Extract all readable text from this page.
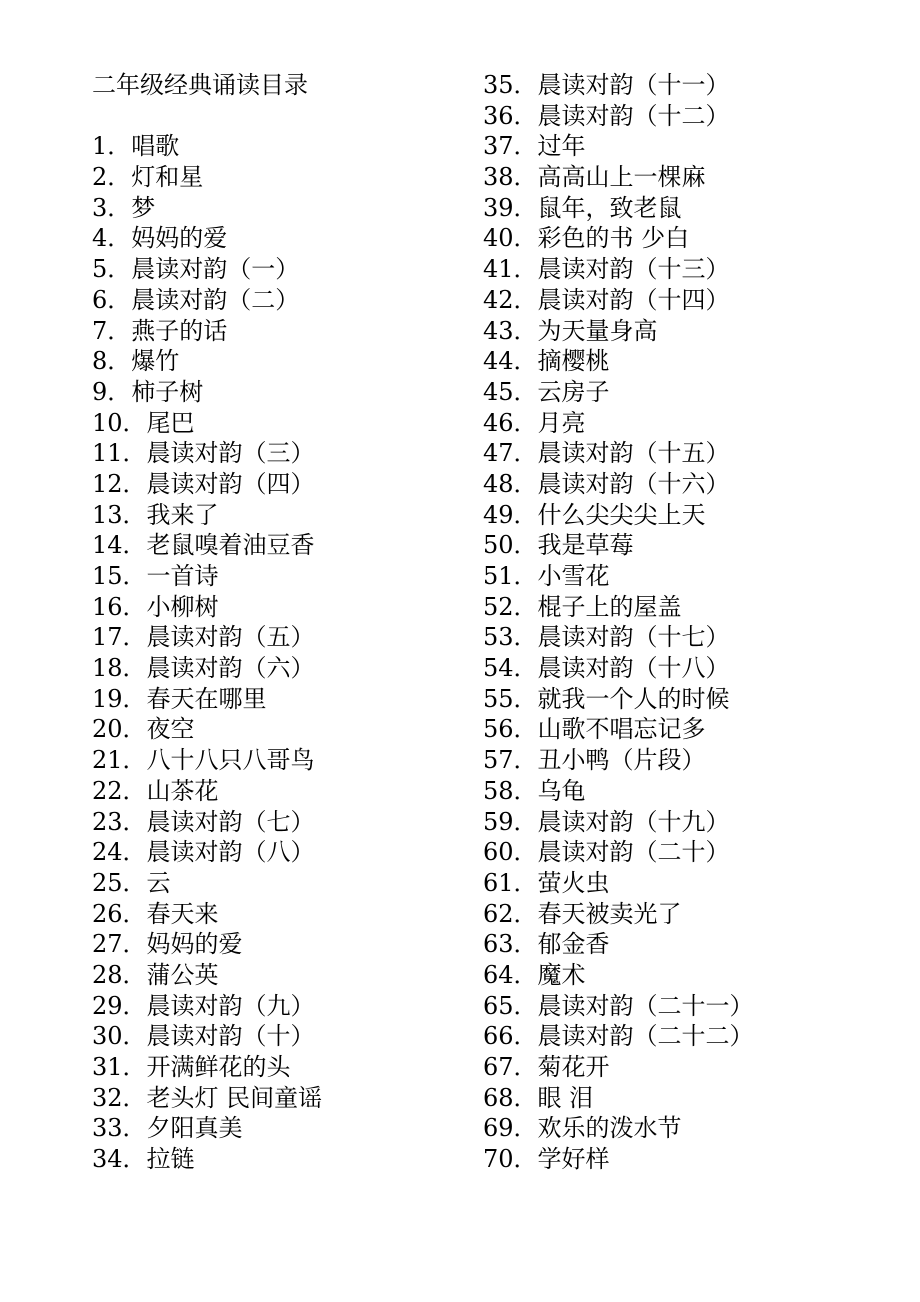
二年级经典诵读目录
1．唱歌
2．灯和星
3．梦
4．妈妈的爱
5．晨读对韵（一）
6．晨读对韵（二）
7．燕子的话
8．爆竹
9．柿子树
10．尾巴
11．晨读对韵（三）
12．晨读对韵（四）
13．我来了
14．老鼠嗅着油豆香
15．一首诗
16．小柳树
17．晨读对韵（五）
18．晨读对韵（六）
19．春天在哪里
20．夜空
21．八十八只八哥鸟
22．山茶花
23．晨读对韵（七）
24．晨读对韵（八）
25．云
26．春天来
27．妈妈的爱
28．蒲公英
29．晨读对韵（九）
30．晨读对韵（十）
31．开满鲜花的头
32．老头灯 民间童谣
33．夕阳真美
34．拉链
35．晨读对韵（十一）
36．晨读对韵（十二）
37．过年
38．高高山上一棵麻
39．鼠年，致老鼠
40．彩色的书 少白
41．晨读对韵（十三）
42．晨读对韵（十四）
43．为天量身高
44．摘樱桃
45．云房子
46．月亮
47．晨读对韵（十五）
48．晨读对韵（十六）
49．什么尖尖尖上天
50．我是草莓
51．小雪花
52．棍子上的屋盖
53．晨读对韵（十七）
54．晨读对韵（十八）
55．就我一个人的时候
56．山歌不唱忘记多
57．丑小鸭（片段）
58．乌龟
59．晨读对韵（十九）
60．晨读对韵（二十）
61．萤火虫
62．春天被卖光了
63．郁金香
64．魔术
65．晨读对韵（二十一）
66．晨读对韵（二十二）
67．菊花开
68．眼 泪
69．欢乐的泼水节
70．学好样
